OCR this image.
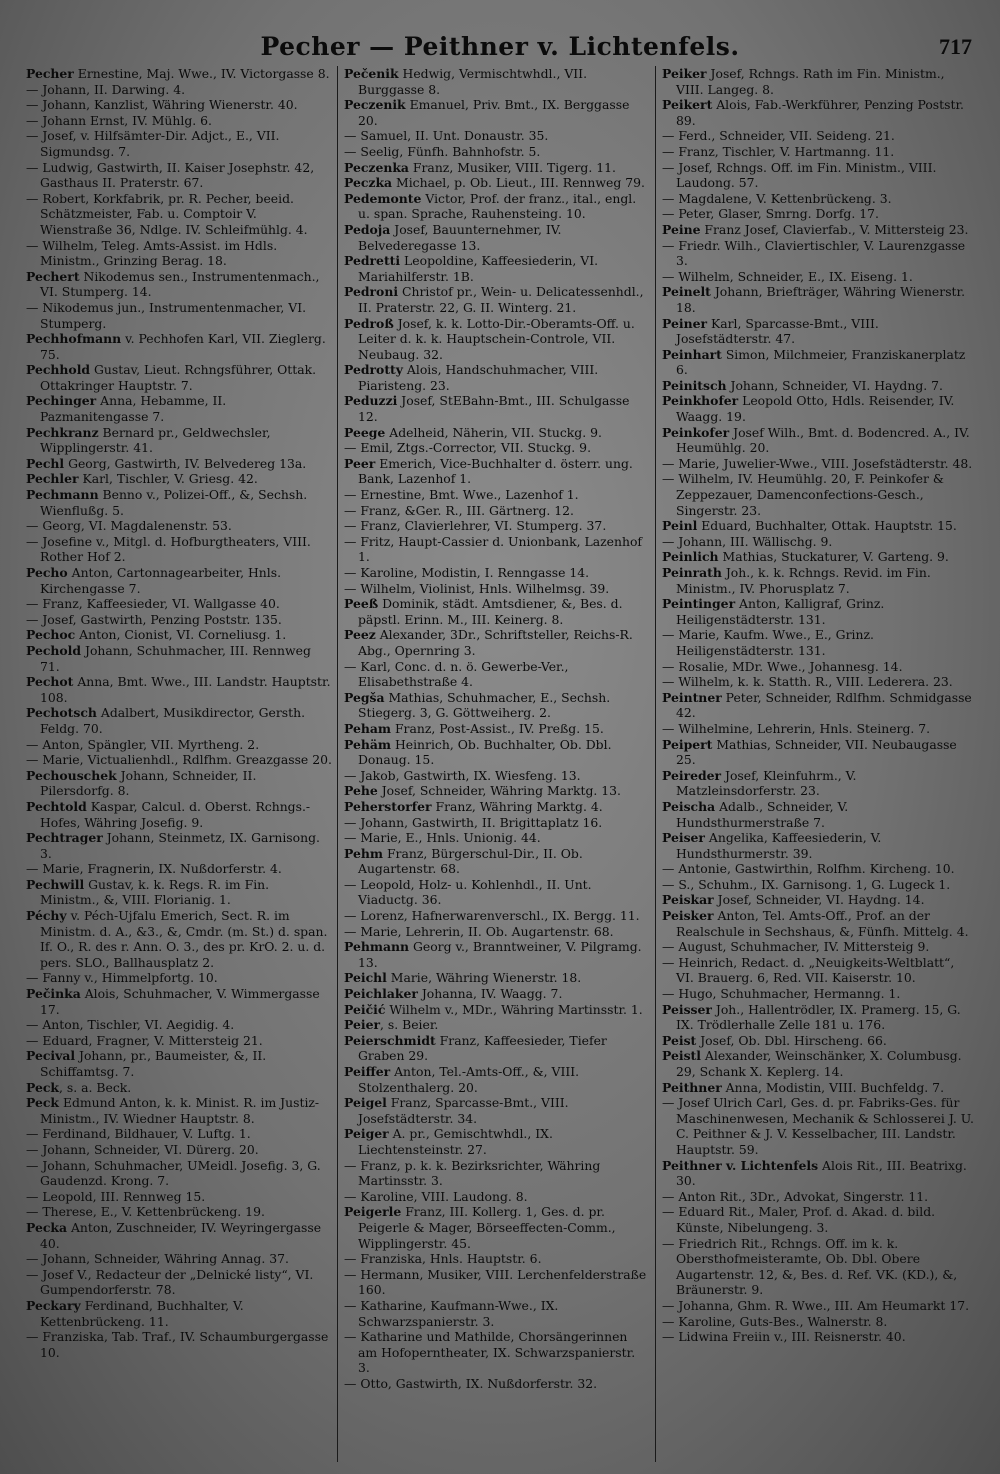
Pecher — Peithner v. Lichtenfels.	717

Pecher Ernestine, Maj. Wwe., IV. Victorgasse 8.

— Johann, II. Darwing. 4.

— Johann, Kanzlist, Währing Wienerstr. 40.

— Johann Ernst, IV. Mühlg. 6.

— Josef, v. Hilfsämter-Dir. Adjct., E., VII. Sigmundsg. 7.

— Ludwig, Gastwirth, II. Kaiser Josephstr. 42, Gasthaus II. Praterstr. 67.

— Robert, Korkfabrik, pr. R. Pecher, beeid. Schätzmeister, Fab. u. Comptoir V. Wienstraße 36, Ndlge. IV. Schleifmühlg. 4.

— Wilhelm, Teleg. Amts-Assist. im Hdls. Ministm., Grinzing Berag. 18.

Pechert Nikodemus sen., Instrumentenmach., VI. Stumperg. 14.

— Nikodemus jun., Instrumentenmacher, VI. Stumperg.

Pechhofmann v. Pechhofen Karl, VII. Zieglerg. 75.

Pechhold Gustav, Lieut. Rchngsführer, Ottak. Ottakringer Hauptstr. 7.

Pechinger Anna, Hebamme, II. Pazmanitengasse 7.

Pechkranz Bernard pr., Geldwechsler, Wipplingerstr. 41.

Pechl Georg, Gastwirth, IV. Belvedereg 13a.

Pechler Karl, Tischler, V. Griesg. 42.

Pechmann Benno v., Polizei-Off., &, Sechsh. Wienflußg. 5.

— Georg, VI. Magdalenenstr. 53.

— Josefine v., Mitgl. d. Hofburgtheaters, VIII. Rother Hof 2.

Pecho Anton, Cartonnagearbeiter, Hnls. Kirchengasse 7.

— Franz, Kaffeesieder, VI. Wallgasse 40.

— Josef, Gastwirth, Penzing Poststr. 135.

Pechoc Anton, Cionist, VI. Corneliusg. 1.

Pechold Johann, Schuhmacher, III. Rennweg 71.

Pechot Anna, Bmt. Wwe., III. Landstr. Hauptstr. 108.

Pechotsch Adalbert, Musikdirector, Gersth. Feldg. 70.

— Anton, Spängler, VII. Myrtheng. 2.

— Marie, Victualienhdl., Rdlfhm. Greazgasse 20.

Pechouschek Johann, Schneider, II. Pilersdorfg. 8.

Pechtold Kaspar, Calcul. d. Oberst. Rchngs.-Hofes, Währing Josefig. 9.

Pechtrager Johann, Steinmetz, IX. Garnisong. 3.

— Marie, Fragnerin, IX. Nußdorferstr. 4.

Pechwill Gustav, k. k. Regs. R. im Fin. Ministm., &, VIII. Florianig. 1.

Péchy v. Péch-Ujfalu Emerich, Sect. R. im Ministm. d. A., &3., &, Cmdr. (m. St.) d. span. If. O., R. des r. Ann. O. 3., des pr. KrO. 2. u. d. pers. SLO., Ballhausplatz 2.

— Fanny v., Himmelpfortg. 10.

Pečinka Alois, Schuhmacher, V. Wimmergasse 17.

— Anton, Tischler, VI. Aegidig. 4.

— Eduard, Fragner, V. Mittersteig 21.

Pecival Johann, pr., Baumeister, &, II. Schiffamtsg. 7.

Peck, s. a. Beck.

Peck Edmund Anton, k. k. Minist. R. im Justiz-Ministm., IV. Wiedner Hauptstr. 8.

— Ferdinand, Bildhauer, V. Luftg. 1.

— Johann, Schneider, VI. Dürerg. 20.

— Johann, Schuhmacher, UMeidl. Josefig. 3, G. Gaudenzd. Krong. 7.

— Leopold, III. Rennweg 15.

— Therese, E., V. Kettenbrückeng. 19.

Pecka Anton, Zuschneider, IV. Weyringergasse 40.

— Johann, Schneider, Währing Annag. 37.

— Josef V., Redacteur der „Delnické listy“, VI. Gumpendorferstr. 78.

Peckary Ferdinand, Buchhalter, V. Kettenbrückeng. 11.

— Franziska, Tab. Traf., IV. Schaumburgergasse 10.

Pečenik Hedwig, Vermischtwhdl., VII. Burggasse 8.

Peczenik Emanuel, Priv. Bmt., IX. Berggasse 20.

— Samuel, II. Unt. Donaustr. 35.

— Seelig, Fünfh. Bahnhofstr. 5.

Peczenka Franz, Musiker, VIII. Tigerg. 11.

Peczka Michael, p. Ob. Lieut., III. Rennweg 79.

Pedemonte Victor, Prof. der franz., ital., engl. u. span. Sprache, Rauhensteing. 10.

Pedoja Josef, Bauunternehmer, IV. Belvederegasse 13.

Pedretti Leopoldine, Kaffeesiederin, VI. Mariahilferstr. 1B.

Pedroni Christof pr., Wein- u. Delicatessenhdl., II. Praterstr. 22, G. II. Winterg. 21.

Pedroß Josef, k. k. Lotto-Dir.-Oberamts-Off. u. Leiter d. k. k. Hauptschein-Controle, VII. Neubaug. 32.

Pedrotty Alois, Handschuhmacher, VIII. Piaristeng. 23.

Peduzzi Josef, StEBahn-Bmt., III. Schulgasse 12.

Peege Adelheid, Näherin, VII. Stuckg. 9.

— Emil, Ztgs.-Corrector, VII. Stuckg. 9.

Peer Emerich, Vice-Buchhalter d. österr. ung. Bank, Lazenhof 1.

— Ernestine, Bmt. Wwe., Lazenhof 1.

— Franz, &Ger. R., III. Gärtnerg. 12.

— Franz, Clavierlehrer, VI. Stumperg. 37.

— Fritz, Haupt-Cassier d. Unionbank, Lazenhof 1.

— Karoline, Modistin, I. Renngasse 14.

— Wilhelm, Violinist, Hnls. Wilhelmsg. 39.

Peeß Dominik, städt. Amtsdiener, &, Bes. d. päpstl. Erinn. M., III. Keinerg. 8.

Peez Alexander, 3Dr., Schriftsteller, Reichs-R. Abg., Opernring 3.

— Karl, Conc. d. n. ö. Gewerbe-Ver., Elisabethstraße 4.

Pegša Mathias, Schuhmacher, E., Sechsh. Stiegerg. 3, G. Göttweiherg. 2.

Peham Franz, Post-Assist., IV. Preßg. 15.

Pehäm Heinrich, Ob. Buchhalter, Ob. Dbl. Donaug. 15.

— Jakob, Gastwirth, IX. Wiesfeng. 13.

Pehe Josef, Schneider, Währing Marktg. 13.

Peherstorfer Franz, Währing Marktg. 4.

— Johann, Gastwirth, II. Brigittaplatz 16.

— Marie, E., Hnls. Unionig. 44.

Pehm Franz, Bürgerschul-Dir., II. Ob. Augartenstr. 68.

— Leopold, Holz- u. Kohlenhdl., II. Unt. Viaductg. 36.

— Lorenz, Hafnerwarenverschl., IX. Bergg. 11.

— Marie, Lehrerin, II. Ob. Augartenstr. 68.

Pehmann Georg v., Branntweiner, V. Pilgramg. 13.

Peichl Marie, Währing Wienerstr. 18.

Peichlaker Johanna, IV. Waagg. 7.

Peičić Wilhelm v., MDr., Währing Martinsstr. 1.

Peier, s. Beier.

Peierschmidt Franz, Kaffeesieder, Tiefer Graben 29.

Peiffer Anton, Tel.-Amts-Off., &, VIII. Stolzenthalerg. 20.

Peigel Franz, Sparcasse-Bmt., VIII. Josefstädterstr. 34.

Peiger A. pr., Gemischtwhdl., IX. Liechtensteinstr. 27.

— Franz, p. k. k. Bezirksrichter, Währing Martinsstr. 3.

— Karoline, VIII. Laudong. 8.

Peigerle Franz, III. Kollerg. 1, Ges. d. pr. Peigerle & Mager, Börseeffecten-Comm., Wipplingerstr. 45.

— Franziska, Hnls. Hauptstr. 6.

— Hermann, Musiker, VIII. Lerchenfelderstraße 160.

— Katharine, Kaufmann-Wwe., IX. Schwarzspanierstr. 3.

— Katharine und Mathilde, Chorsängerinnen am Hofoperntheater, IX. Schwarzspanierstr. 3.

— Otto, Gastwirth, IX. Nußdorferstr. 32.

Peiker Josef, Rchngs. Rath im Fin. Ministm., VIII. Langeg. 8.

Peikert Alois, Fab.-Werkführer, Penzing Poststr. 89.

— Ferd., Schneider, VII. Seideng. 21.

— Franz, Tischler, V. Hartmanng. 11.

— Josef, Rchngs. Off. im Fin. Ministm., VIII. Laudong. 57.

— Magdalene, V. Kettenbrückeng. 3.

— Peter, Glaser, Smrng. Dorfg. 17.

Peine Franz Josef, Clavierfab., V. Mittersteig 23.

— Friedr. Wilh., Claviertischler, V. Laurenzgasse 3.

— Wilhelm, Schneider, E., IX. Eiseng. 1.

Peinelt Johann, Briefträger, Währing Wienerstr. 18.

Peiner Karl, Sparcasse-Bmt., VIII. Josefstädterstr. 47.

Peinhart Simon, Milchmeier, Franziskanerplatz 6.

Peinitsch Johann, Schneider, VI. Haydng. 7.

Peinkhofer Leopold Otto, Hdls. Reisender, IV. Waagg. 19.

Peinkofer Josef Wilh., Bmt. d. Bodencred. A., IV. Heumühlg. 20.

— Marie, Juwelier-Wwe., VIII. Josefstädterstr. 48.

— Wilhelm, IV. Heumühlg. 20, F. Peinkofer & Zeppezauer, Damenconfections-Gesch., Singerstr. 23.

Peinl Eduard, Buchhalter, Ottak. Hauptstr. 15.

— Johann, III. Wällischg. 9.

Peinlich Mathias, Stuckaturer, V. Garteng. 9.

Peinrath Joh., k. k. Rchngs. Revid. im Fin. Ministm., IV. Phorusplatz 7.

Peintinger Anton, Kalligraf, Grinz. Heiligenstädterstr. 131.

— Marie, Kaufm. Wwe., E., Grinz. Heiligenstädterstr. 131.

— Rosalie, MDr. Wwe., Johannesg. 14.

— Wilhelm, k. k. Statth. R., VIII. Lederera. 23.

Peintner Peter, Schneider, Rdlfhm. Schmidgasse 42.

— Wilhelmine, Lehrerin, Hnls. Steinerg. 7.

Peipert Mathias, Schneider, VII. Neubaugasse 25.

Peireder Josef, Kleinfuhrm., V. Matzleinsdorferstr. 23.

Peischa Adalb., Schneider, V. Hundsthurmerstraße 7.

Peiser Angelika, Kaffeesiederin, V. Hundsthurmerstr. 39.

— Antonie, Gastwirthin, Rolfhm. Kircheng. 10.

— S., Schuhm., IX. Garnisong. 1, G. Lugeck 1.

Peiskar Josef, Schneider, VI. Haydng. 14.

Peisker Anton, Tel. Amts-Off., Prof. an der Realschule in Sechshaus, &, Fünfh. Mittelg. 4.

— August, Schuhmacher, IV. Mittersteig 9.

— Heinrich, Redact. d. „Neuigkeits-Weltblatt“, VI. Brauerg. 6, Red. VII. Kaiserstr. 10.

— Hugo, Schuhmacher, Hermanng. 1.

Peisser Joh., Hallentrödler, IX. Pramerg. 15, G. IX. Trödlerhalle Zelle 181 u. 176.

Peist Josef, Ob. Dbl. Hirscheng. 66.

Peistl Alexander, Weinschänker, X. Columbusg. 29, Schank X. Keplerg. 14.

Peithner Anna, Modistin, VIII. Buchfeldg. 7.

— Josef Ulrich Carl, Ges. d. pr. Fabriks-Ges. für Maschinenwesen, Mechanik & Schlosserei J. U. C. Peithner & J. V. Kesselbacher, III. Landstr. Hauptstr. 59.

Peithner v. Lichtenfels Alois Rit., III. Beatrixg. 30.

— Anton Rit., 3Dr., Advokat, Singerstr. 11.

— Eduard Rit., Maler, Prof. d. Akad. d. bild. Künste, Nibelungeng. 3.

— Friedrich Rit., Rchngs. Off. im k. k. Obersthofmeisteramte, Ob. Dbl. Obere Augartenstr. 12, &, Bes. d. Ref. VK. (KD.), &, Bräunerstr. 9.

— Johanna, Ghm. R. Wwe., III. Am Heumarkt 17.

— Karoline, Guts-Bes., Walnerstr. 8.

— Lidwina Freiin v., III. Reisnerstr. 40.
